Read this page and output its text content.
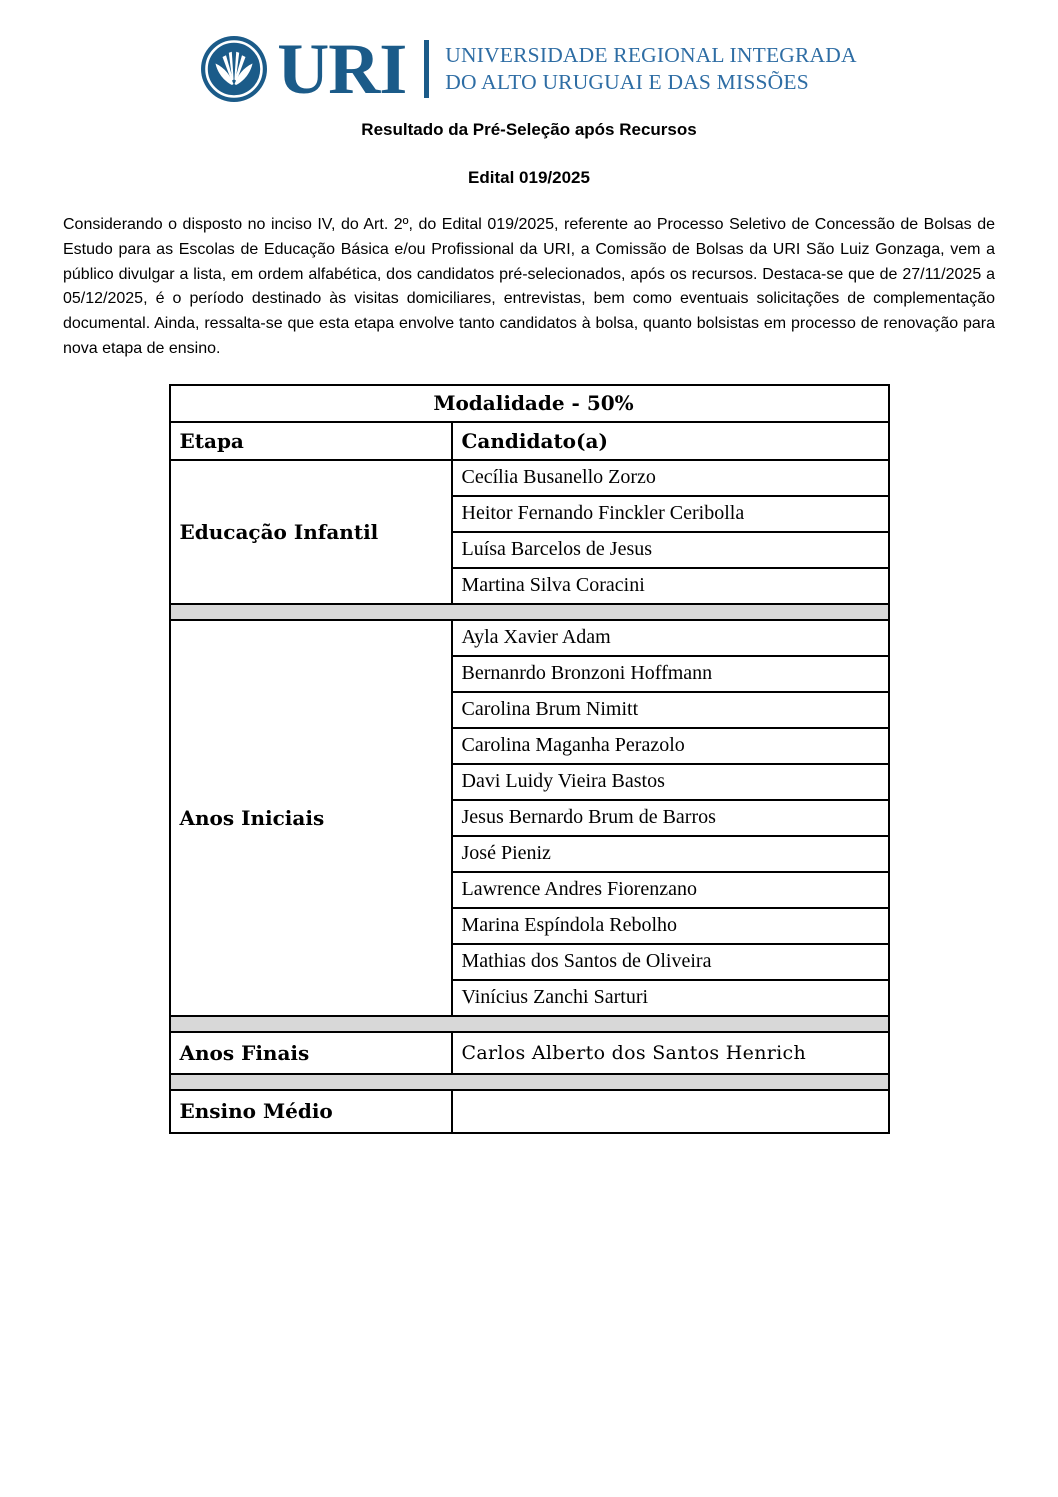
URI UNIVERSIDADE REGIONAL INTEGRADA
DO ALTO URUGUAI E DAS MISSÕES
Resultado da Pré-Seleção após Recursos
Edital 019/2025

Considerando o disposto no inciso IV, do Art. 2º, do Edital 019/2025, referente ao Processo Seletivo de Concessão de Bolsas de Estudo para as Escolas de Educação Básica e/ou Profissional da URI, a Comissão de Bolsas da URI São Luiz Gonzaga, vem a público divulgar a lista, em ordem alfabética, dos candidatos pré-selecionados, após os recursos. Destaca-se que de 27/11/2025 a 05/12/2025, é o período destinado às visitas domiciliares, entrevistas, bem como eventuais solicitações de complementação documental. Ainda, ressalta-se que esta etapa envolve tanto candidatos à bolsa, quanto bolsistas em processo de renovação para nova etapa de ensino.

Modalidade - 50%	
Etapa	Candidato(a)
Educação Infantil	Cecília Busanello Zorzo
	Heitor Fernando Finckler Ceribolla
	Luísa Barcelos de Jesus
	Martina Silva Coracini

Anos Iniciais	Ayla Xavier Adam
	Bernanrdo Bronzoni Hoffmann
	Carolina Brum Nimitt
	Carolina Maganha Perazolo
	Davi Luidy Vieira Bastos
	Jesus Bernardo Brum de Barros
	José Pieniz
	Lawrence Andres Fiorenzano
	Marina Espíndola Rebolho
	Mathias dos Santos de Oliveira
	Vinícius Zanchi Sarturi

Anos Finais	Carlos Alberto dos Santos Henrich

Ensino Médio	
